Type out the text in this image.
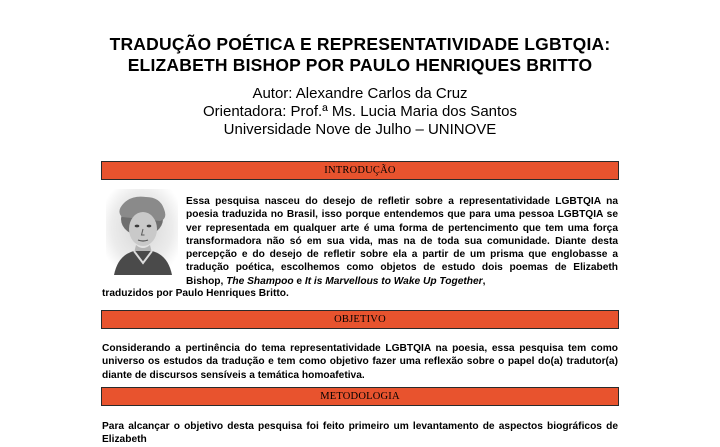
TRADUÇÃO POÉTICA E REPRESENTATIVIDADE LGBTQIA:
ELIZABETH BISHOP POR PAULO HENRIQUES BRITTO
Autor: Alexandre Carlos da Cruz
Orientadora: Prof.ª Ms. Lucia Maria dos Santos
Universidade Nove de Julho – UNINOVE
INTRODUÇÃO
Essa pesquisa nasceu do desejo de refletir sobre a representatividade LGBTQIA na poesia traduzida no Brasil, isso porque entendemos que para uma pessoa LGBTQIA se ver representada em qualquer arte é uma forma de pertencimento que tem uma força transformadora não só em sua vida, mas na de toda sua comunidade. Diante desta percepção e do desejo de refletir sobre ela a partir de um prisma que englobasse a tradução poética, escolhemos como objetos de estudo dois poemas de Elizabeth Bishop, The Shampoo e It is Marvellous to Wake Up Together,
traduzidos por Paulo Henriques Britto.
OBJETIVO
Considerando a pertinência do tema representatividade LGBTQIA na poesia, essa pesquisa tem como universo os estudos da tradução e tem como objetivo fazer uma reflexão sobre o papel do(a) tradutor(a) diante de discursos sensíveis a temática homoafetiva.
METODOLOGIA
Para alcançar o objetivo desta pesquisa foi feito primeiro um levantamento de aspectos biográficos de Elizabeth
